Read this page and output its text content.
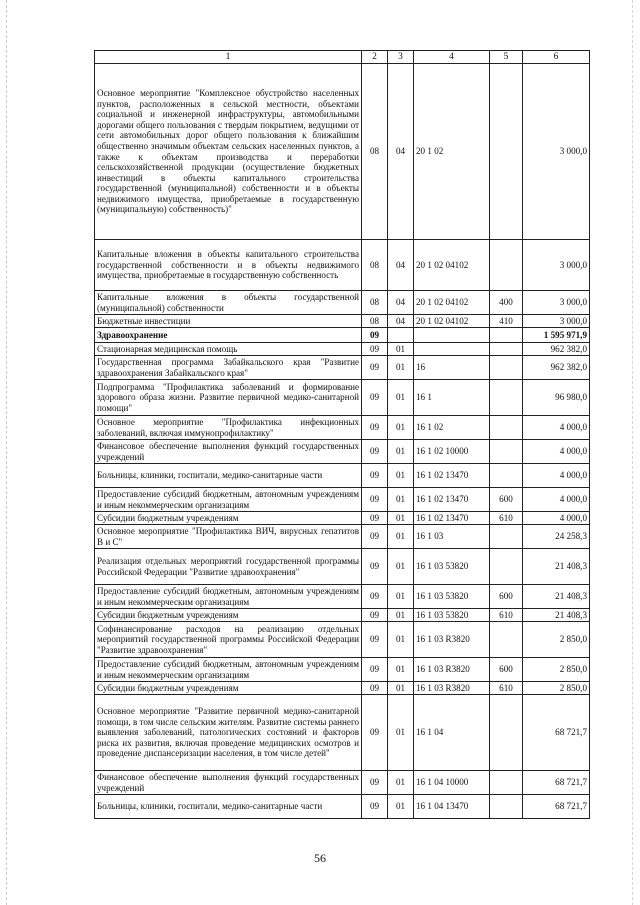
1	2	3	4	5	6
Основное мероприятие "Комплексное обустройство населенных пунктов, расположенных в сельской местности, объектами социальной и инженерной инфраструктуры, автомобильными дорогами общего пользования с твердым покрытием, ведущими от сети автомобильных дорог общего пользования к ближайшим общественно значимым объектам сельских населенных пунктов, а также к объектам производства и переработки сельскохозяйственной продукции (осуществление бюджетных инвестиций в объекты капитального строительства государственной (муниципальной) собственности и в объекты недвижимого имущества, приобретаемые в государственную (муниципальную) собственность)"	08	04	20 1 02		3 000,0
Капитальные вложения в объекты капитального строительства государственной собственности и в объекты недвижимого имущества, приобретаемые в государственную собственность	08	04	20 1 02 04102		3 000,0
Капитальные вложения в объекты государственной (муниципальной) собственности	08	04	20 1 02 04102	400	3 000,0
Бюджетные инвестиции	08	04	20 1 02 04102	410	3 000,0
Здравоохранение	09				1 595 971,9
Стационарная медицинская помощь	09	01			962 382,0
Государственная программа Забайкальского края "Развитие здравоохранения Забайкальского края"	09	01	16		962 382,0
Подпрограмма "Профилактика заболеваний и формирование здорового образа жизни. Развитие первичной медико-санитарной помощи"	09	01	16 1		96 980,0
Основное мероприятие "Профилактика инфекционных заболеваний, включая иммунопрофилактику"	09	01	16 1 02		4 000,0
Финансовое обеспечение выполнения функций государственных учреждений	09	01	16 1 02 10000		4 000,0
Больницы, клиники, госпитали, медико-санитарные части	09	01	16 1 02 13470		4 000,0
Предоставление субсидий бюджетным, автономным учреждениям и иным некоммерческим организациям	09	01	16 1 02 13470	600	4 000,0
Субсидии бюджетным учреждениям	09	01	16 1 02 13470	610	4 000,0
Основное мероприятие "Профилактика ВИЧ, вирусных гепатитов В и С"	09	01	16 1 03		24 258,3
Реализация отдельных мероприятий государственной программы Российской Федерации "Развитие здравоохранения"	09	01	16 1 03 53820		21 408,3
Предоставление субсидий бюджетным, автономным учреждениям и иным некоммерческим организациям	09	01	16 1 03 53820	600	21 408,3
Субсидии бюджетным учреждениям	09	01	16 1 03 53820	610	21 408,3
Софинансирование расходов на реализацию отдельных мероприятий государственной программы Российской Федерации "Развитие здравоохранения"	09	01	16 1 03 R3820		2 850,0
Предоставление субсидий бюджетным, автономным учреждениям и иным некоммерческим организациям	09	01	16 1 03 R3820	600	2 850,0
Субсидии бюджетным учреждениям	09	01	16 1 03 R3820	610	2 850,0
Основное мероприятие "Развитие первичной медико-санитарной помощи, в том числе сельским жителям. Развитие системы раннего выявления заболеваний, патологических состояний и факторов риска их развития, включая проведение медицинских осмотров и проведение диспансеризации населения, в том числе детей"	09	01	16 1 04		68 721,7
Финансовое обеспечение выполнения функций государственных учреждений	09	01	16 1 04 10000		68 721,7
Больницы, клиники, госпитали, медико-санитарные части	09	01	16 1 04 13470		68 721,7
56
